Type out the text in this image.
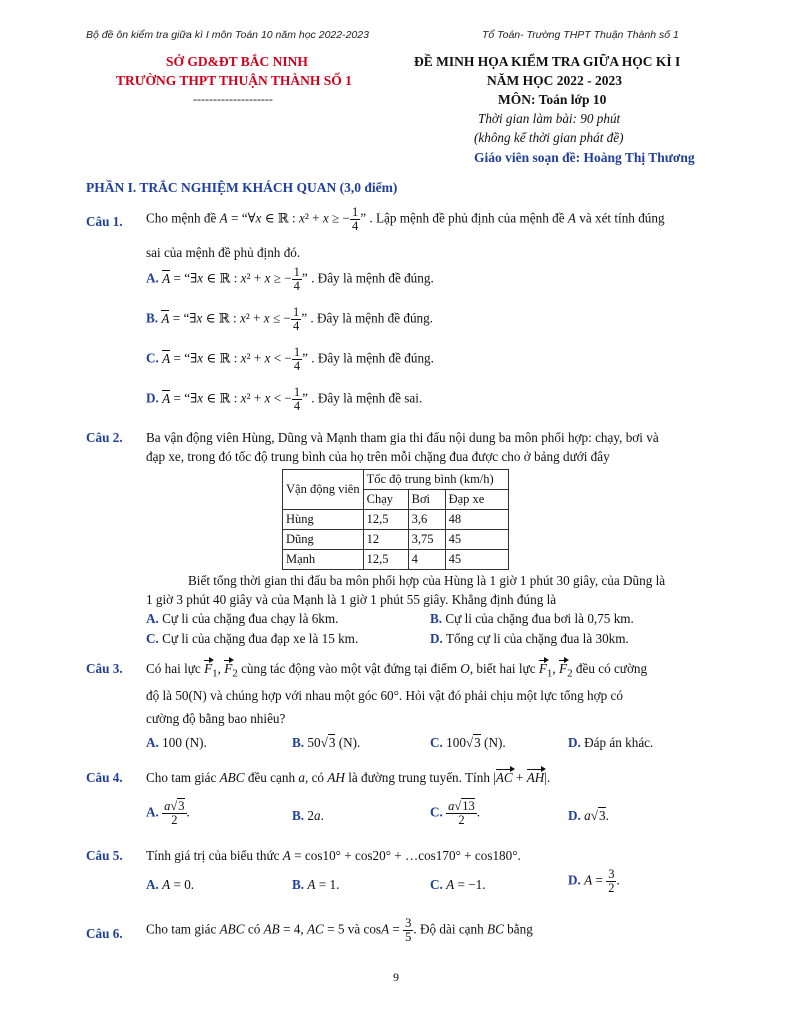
Bộ đề ôn kiểm tra giữa kì I môn Toán 10 năm học 2022-2023	Tổ Toán- Trường THPT Thuận Thành số 1
SỞ GD&ĐT BẮC NINH
TRƯỜNG THPT THUẬN THÀNH SỐ 1
--------------------
ĐỀ MINH HỌA KIỂM TRA GIỮA HỌC KÌ I
NĂM HỌC 2022 - 2023
MÔN: Toán lớp 10
Thời gian làm bài: 90 phút
(không kể thời gian phát đề)
Giáo viên soạn đề: Hoàng Thị Thương
PHẦN I. TRẮC NGHIỆM KHÁCH QUAN (3,0 điểm)
Câu 1. Cho mệnh đề A = “∀x ∈ ℝ : x² + x ≥ − $\frac{1}{4}$ ” . Lập mệnh đề phủ định của mệnh đề A và xét tính đúng
sai của mệnh đề phủ định đó.
A. A = “∃x ∈ ℝ : x² + x ≥ − $\frac{1}{4}$ ” . Đây là mệnh đề đúng.
B. A = “∃x ∈ ℝ : x² + x ≤ − $\frac{1}{4}$ ” . Đây là mệnh đề đúng.
C. A = “∃x ∈ ℝ : x² + x < − $\frac{1}{4}$ ” . Đây là mệnh đề đúng.
D. A = “∃x ∈ ℝ : x² + x < − $\frac{1}{4}$ ” . Đây là mệnh đề sai.
Câu 2. Ba vận động viên Hùng, Dũng và Mạnh tham gia thi đấu nội dung ba môn phối hợp: chạy, bơi và
đạp xe, trong đó tốc độ trung bình của họ trên mỗi chặng đua được cho ở bảng dưới đây
Vận động viên	Tốc độ trung bình (km/h)		
	Chạy	Bơi	Đạp xe
Hùng	12,5	3,6	48
Dũng	12	3,75	45
Mạnh	12,5	4	45
Biết tổng thời gian thi đấu ba môn phối hợp của Hùng là 1 giờ 1 phút 30 giây, của Dũng là
1 giờ 3 phút 40 giây và của Mạnh là 1 giờ 1 phút 55 giây. Khẳng định đúng là
A. Cự li của chặng đua chạy là 6km.	B. Cự li của chặng đua bơi là 0,75 km.
C. Cự li của chặng đua đạp xe là 15 km.	D. Tổng cự li của chặng đua là 30km.
Câu 3. Có hai lực $F_1$, $F_2$ cùng tác động vào một vật đứng tại điểm O, biết hai lực $F_1$, $F_2$ đều có cường
độ là 50(N) và chúng hợp với nhau một góc 60°. Hỏi vật đó phải chịu một lực tổng hợp có
cường độ bằng bao nhiêu?
A. 100 (N).	B. 50√3 (N).	C. 100√3 (N).	D. Đáp án khác.
Câu 4. Cho tam giác ABC đều cạnh a, có AH là đường trung tuyến. Tính |AC + AH|.
A. $\frac{a√3}{2}$ .	B. 2a.	C. $\frac{a√13}{2}$ .	D. a√3.
Câu 5. Tính giá trị của biểu thức A = cos10° + cos20° + …cos170° + cos180°.
A. A = 0.	B. A = 1.	C. A = −1.	D. $A = \frac{3}{2}$ .
Câu 6. Cho tam giác ABC có AB = 4, AC = 5 và $\cos A = \frac{3}{5}$ . Độ dài cạnh BC bằng
9
